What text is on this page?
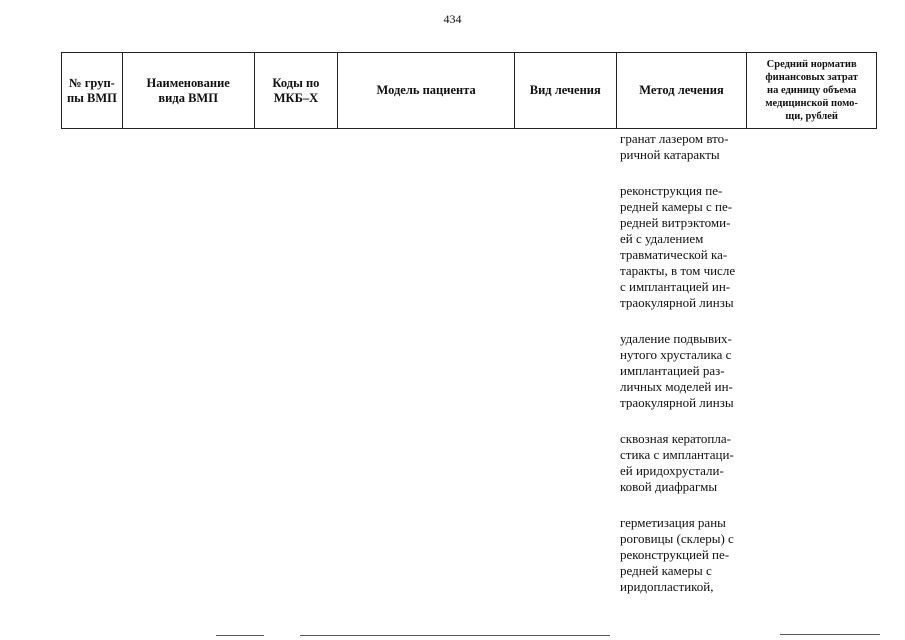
434
№ груп-
пы ВМП
Наименование
вида ВМП
Коды по
МКБ–Х
Модель пациента	Вид лечения	Метод лечения
Средний норматив
финансовых затрат
на единицу объема
медицинской помо-
щи, рублей

гранат лазером вто-
ричной катаракты

реконструкция пе-
редней камеры с пе-
редней витрэктоми-
ей с удалением
травматической ка-
таракты, в том числе
с имплантацией ин-
траокулярной линзы

удаление подвывих-
нутого хрусталика с
имплантацией раз-
личных моделей ин-
траокулярной линзы

сквозная кератопла-
стика с имплантаци-
ей иридохрустали-
ковой диафрагмы

герметизация раны
роговицы (склеры) с
реконструкцией пе-
редней камеры с
иридопластикой,
